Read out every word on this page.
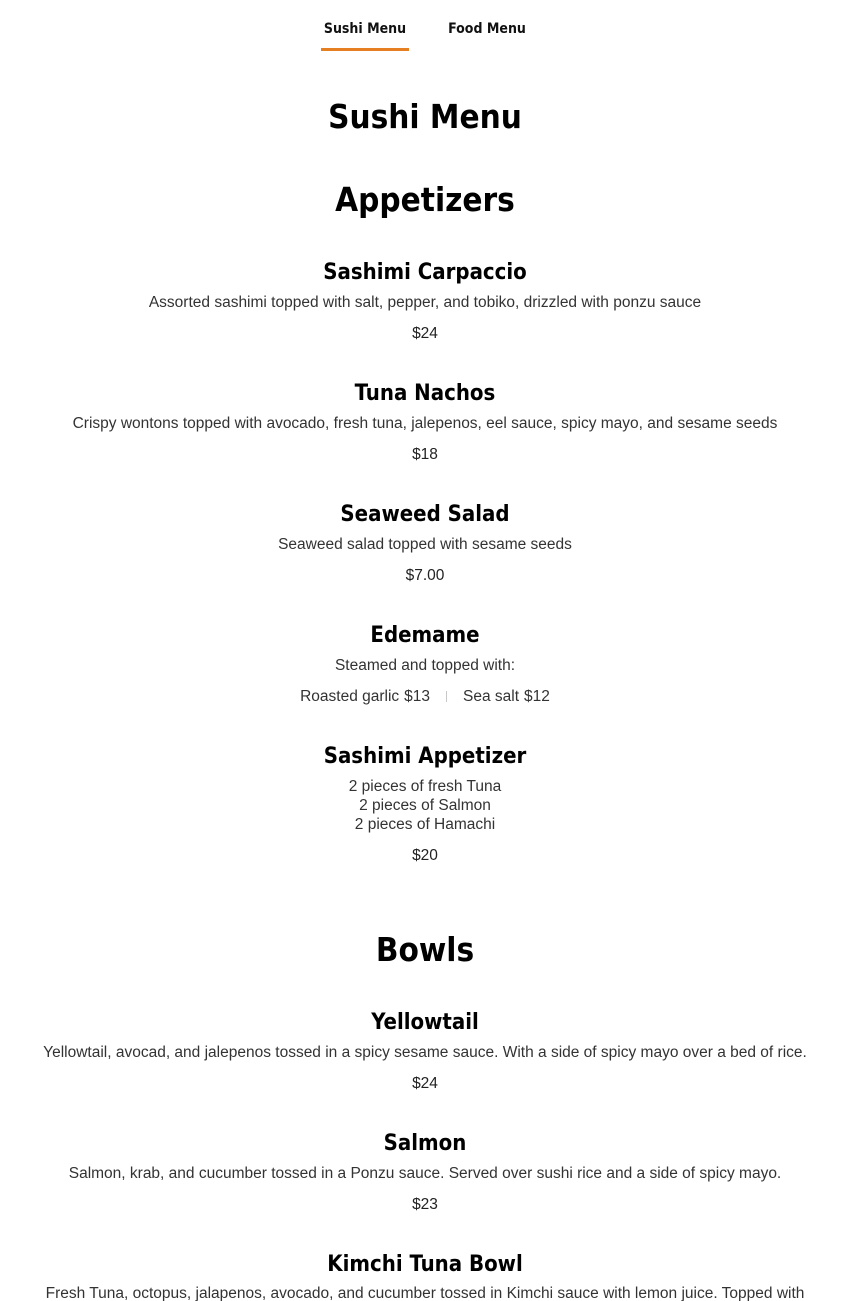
Sushi Menu	Food Menu
Sushi Menu
Appetizers
Sashimi Carpaccio

Assorted sashimi topped with salt, pepper, and tobiko, drizzled with ponzu sauce

$24

Tuna Nachos

Crispy wontons topped with avocado, fresh tuna, jalepenos, eel sauce, spicy mayo, and sesame seeds

$18

Seaweed Salad

Seaweed salad topped with sesame seeds

$7.00

Edemame

Steamed and topped with:

Roasted garlic $13 Sea salt $12
Sashimi Appetizer

2 pieces of fresh Tuna

2 pieces of Salmon

2 pieces of Hamachi

$20

Bowls
Yellowtail

Yellowtail, avocad, and jalepenos tossed in a spicy sesame sauce. With a side of spicy mayo over a bed of rice.

$24

Salmon

Salmon, krab, and cucumber tossed in a Ponzu sauce. Served over sushi rice and a side of spicy mayo.

$23

Kimchi Tuna Bowl

Fresh Tuna, octopus, jalapenos, avocado, and cucumber tossed in Kimchi sauce with lemon juice. Topped with
